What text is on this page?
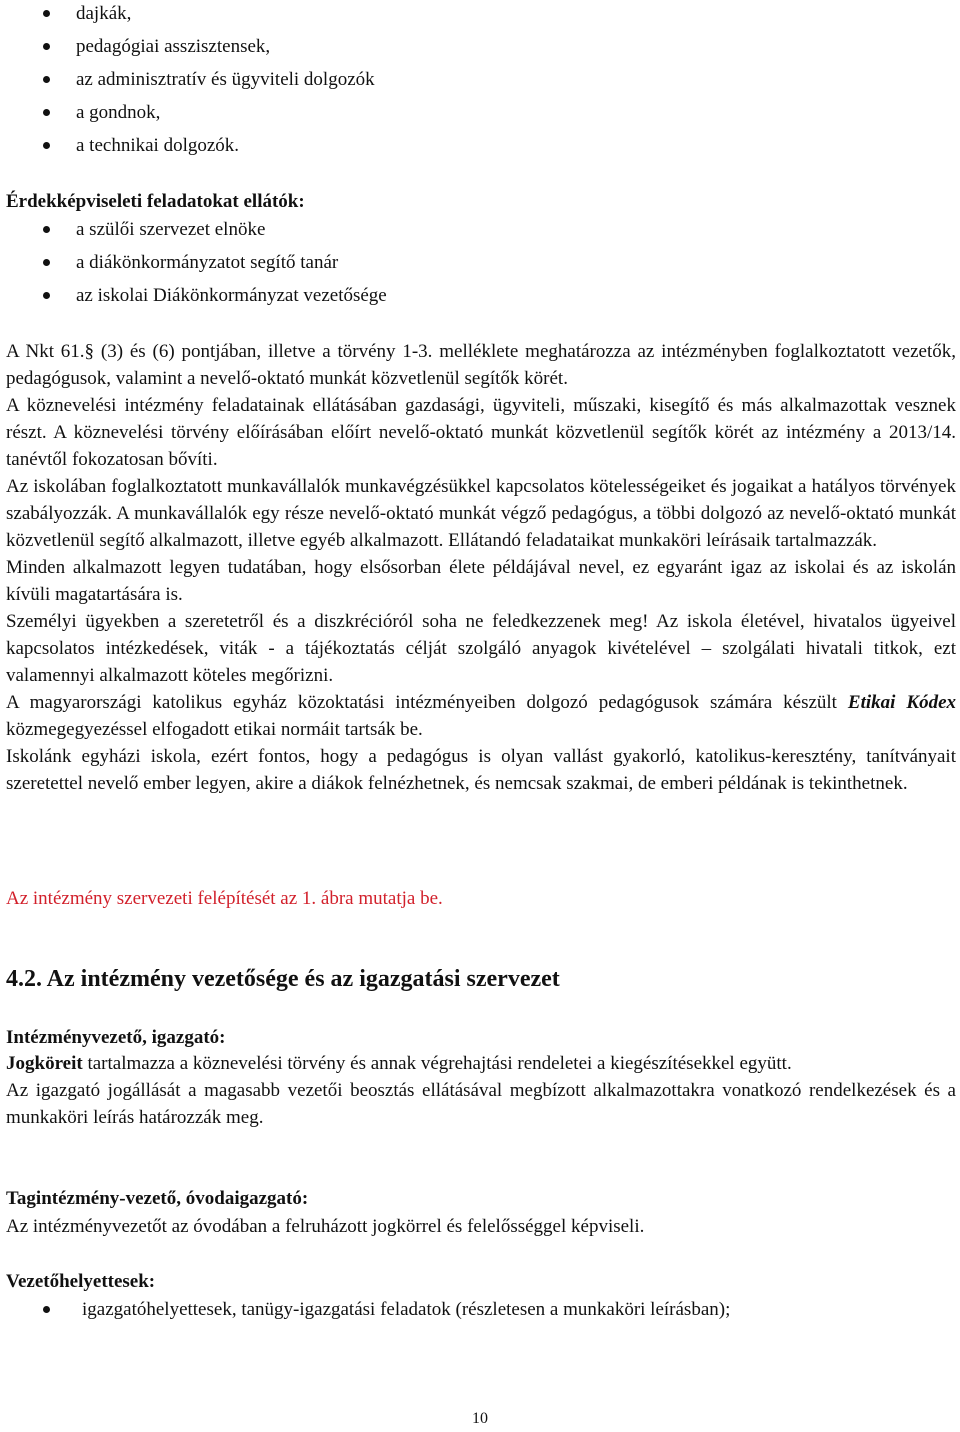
dajkák,
pedagógiai asszisztensek,
az adminisztratív és ügyviteli dolgozók
a gondnok,
a technikai dolgozók.
Érdekképviseleti feladatokat ellátók:
a szülői szervezet elnöke
a diákönkormányzatot segítő tanár
az iskolai Diákönkormányzat vezetősége

A Nkt 61.§ (3) és (6) pontjában, illetve a törvény 1-3. melléklete meghatározza az intézményben foglalkoztatott vezetők, pedagógusok, valamint a nevelő-oktató munkát közvetlenül segítők körét.

A köznevelési intézmény feladatainak ellátásában gazdasági, ügyviteli, műszaki, kisegítő és más alkalmazottak vesznek részt. A köznevelési törvény előírásában előírt nevelő-oktató munkát közvetlenül segítők körét az intézmény a 2013/14. tanévtől fokozatosan bővíti.

Az iskolában foglalkoztatott munkavállalók munkavégzésükkel kapcsolatos kötelességeiket és jogaikat a hatályos törvények szabályozzák. A munkavállalók egy része nevelő-oktató munkát végző pedagógus, a többi dolgozó az nevelő-oktató munkát közvetlenül segítő alkalmazott, illetve egyéb alkalmazott. Ellátandó feladataikat munkaköri leírásaik tartalmazzák.

Minden alkalmazott legyen tudatában, hogy elsősorban élete példájával nevel, ez egyaránt igaz az iskolai és az iskolán kívüli magatartására is.

Személyi ügyekben a szeretetről és a diszkrécióról soha ne feledkezzenek meg! Az iskola életével, hivatalos ügyeivel kapcsolatos intézkedések, viták - a tájékoztatás célját szolgáló anyagok kivételével – szolgálati hivatali titkok, ezt valamennyi alkalmazott köteles megőrizni.

A magyarországi katolikus egyház közoktatási intézményeiben dolgozó pedagógusok számára készült Etikai Kódex közmegegyezéssel elfogadott etikai normáit tartsák be.

Iskolánk egyházi iskola, ezért fontos, hogy a pedagógus is olyan vallást gyakorló, katolikus-keresztény, tanítványait szeretettel nevelő ember legyen, akire a diákok felnézhetnek, és nemcsak szakmai, de emberi példának is tekinthetnek.

Az intézmény szervezeti felépítését az 1. ábra mutatja be.
4.2. Az intézmény vezetősége és az igazgatási szervezet
Intézményvezető, igazgató:

Jogköreit tartalmazza a köznevelési törvény és annak végrehajtási rendeletei a kiegészítésekkel együtt.

Az igazgató jogállását a magasabb vezetői beosztás ellátásával megbízott alkalmazottakra vonatkozó rendelkezések és a munkaköri leírás határozzák meg.

Tagintézmény-vezető, óvodaigazgató:
Az intézményvezetőt az óvodában a felruházott jogkörrel és felelősséggel képviseli.
Vezetőhelyettesek:
igazgatóhelyettesek, tanügy-igazgatási feladatok (részletesen a munkaköri leírásban);
10
